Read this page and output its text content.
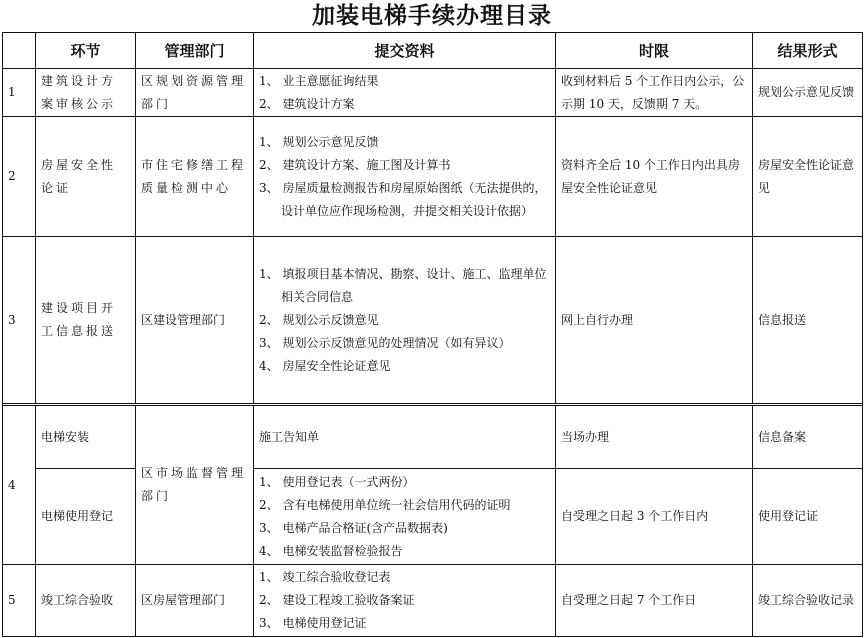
加装电梯手续办理目录
	环节	管理部门	提交资料	时限	结果形式
1	建筑设计方案审核公示	区规划资源管理部门	1、 业主意愿征询结果
2、 建筑设计方案	收到材料后 5 个工作日内公示，公示期 10 天，反馈期 7 天。	规划公示意见反馈
2	房屋安全性论证	市住宅修缮工程质量检测中心	1、 规划公示意见反馈
2、 建筑设计方案、施工图及计算书
3、 房屋质量检测报告和房屋原始图纸（无法提供的，设计单位应作现场检测，并提交相关设计依据）	资料齐全后 10 个工作日内出具房屋安全性论证意见	房屋安全性论证意见
3	建设项目开工信息报送	区建设管理部门	1、 填报项目基本情况、勘察、设计、施工、监理单位相关合同信息
2、 规划公示反馈意见
3、 规划公示反馈意见的处理情况（如有异议）
4、 房屋安全性论证意见	网上自行办理	信息报送

4	电梯安装	区市场监督管理部门	施工告知单	当场办理	信息备案
	电梯使用登记		1、 使用登记表（一式两份）
2、 含有电梯使用单位统一社会信用代码的证明
3、 电梯产品合格证(含产品数据表)
4、 电梯安装监督检验报告	自受理之日起 3 个工作日内	使用登记证
5	竣工综合验收	区房屋管理部门	1、 竣工综合验收登记表
2、 建设工程竣工验收备案证
3、 电梯使用登记证	自受理之日起 7 个工作日	竣工综合验收记录
